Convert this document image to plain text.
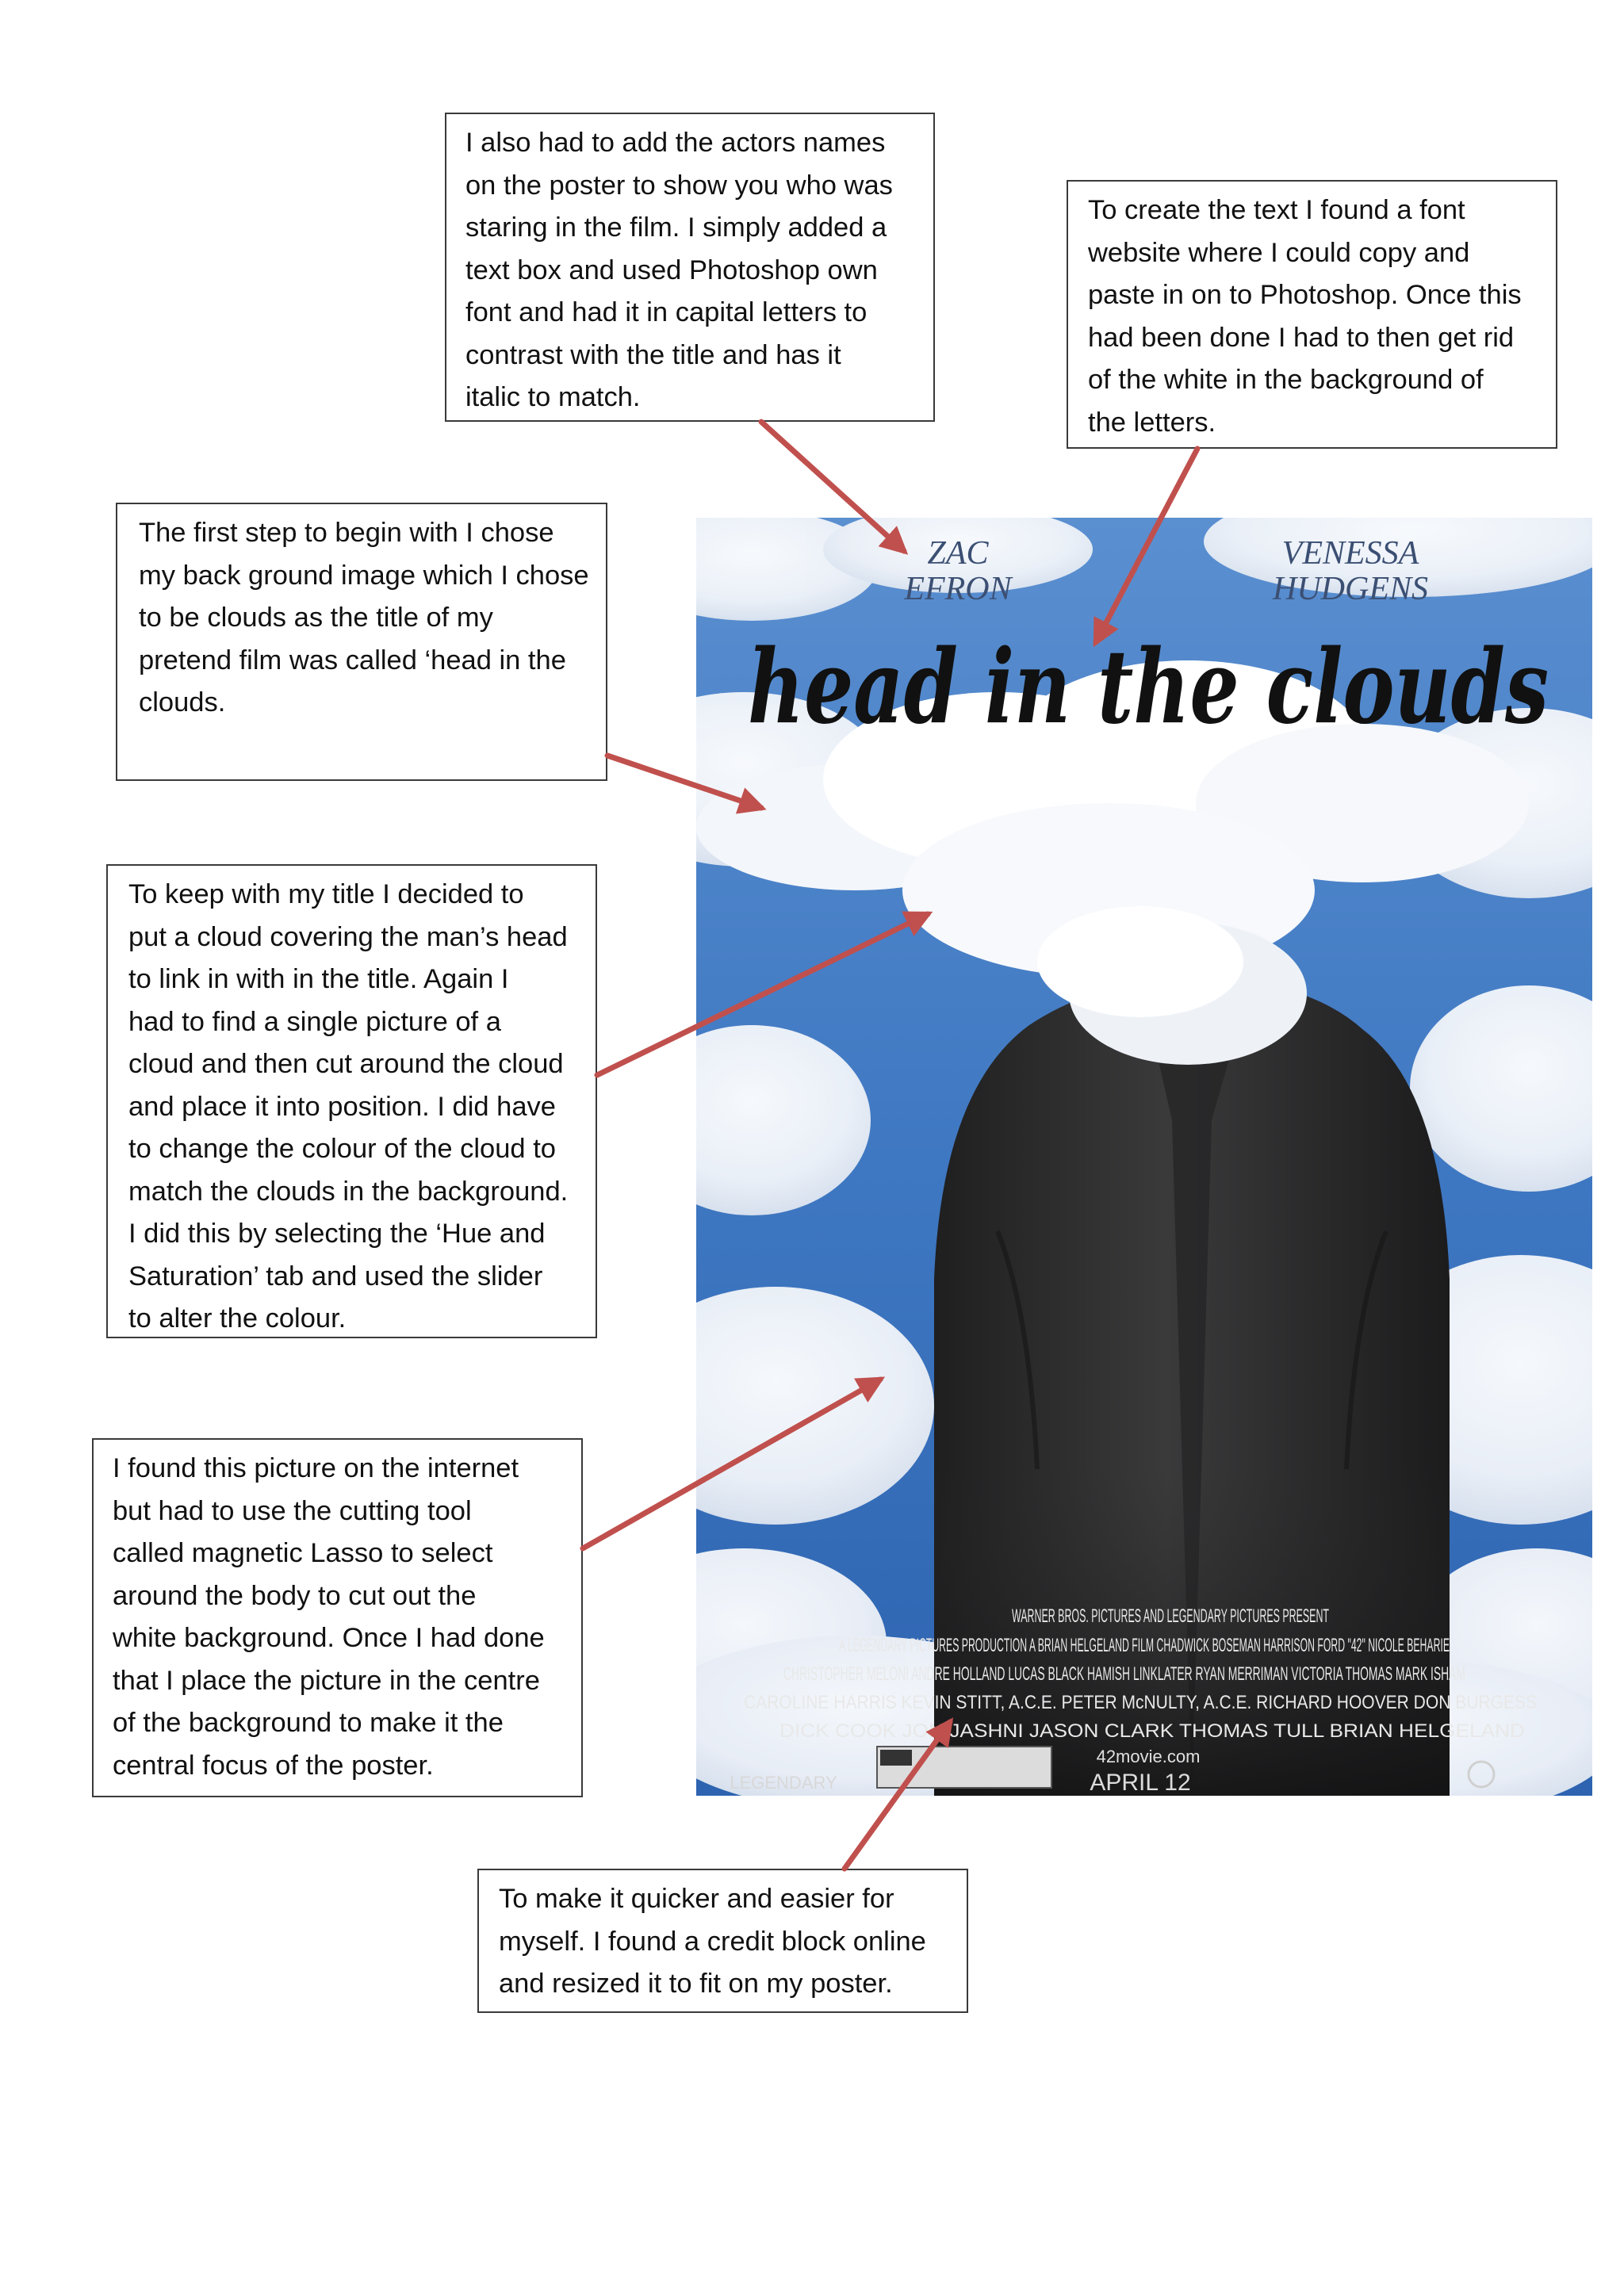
I also had to add the actors names
on the poster to show you who was
staring in the film. I simply added a
text box and used Photoshop own
font and had it in capital letters to
contrast with the title and has it
italic to match.
To create the text I found a font
website where I could copy and
paste in on to Photoshop. Once this
had been done I had to then get rid
of the white in the background of
the letters.
The first step to begin with I chose
my back ground image which I chose
to be clouds as the title of my
pretend film was called ‘head in the
clouds.
To keep with my title I decided to
put a cloud covering the man’s head
to link in with in the title. Again I
had to find a single picture of a
cloud and then cut around the cloud
and place it into position. I did have
to change the colour of the cloud to
match the clouds in the background.
I did this by selecting the ‘Hue and
Saturation’ tab and used the slider
to alter the colour.
I found this picture on the internet
but had to use the cutting tool
called magnetic Lasso to select
around the body to cut out the
white background. Once I had done
that I place the picture in the centre
of the background to make it the
central focus of the poster.
To make it quicker and easier for
myself. I found a credit block online
and resized it to fit on my poster.
ZAC
EFRON
VENESSA
HUDGENS
head in the clouds
WARNER BROS. PICTURES AND LEGENDARY PICTURES PRESENT
A LEGENDARY PICTURES PRODUCTION A BRIAN HELGELAND FILM CHADWICK BOSEMAN HARRISON FORD "42" NICOLE BEHARIE
CHRISTOPHER MELONI ANDRE HOLLAND LUCAS BLACK HAMISH LINKLATER RYAN MERRIMAN VICTORIA THOMAS MARK ISHAM
CAROLINE HARRIS KEVIN STITT, A.C.E. PETER McNULTY, A.C.E. RICHARD HOOVER DON BURGESS
DICK COOK JON JASHNI JASON CLARK THOMAS TULL BRIAN HELGELAND
42movie.com
APRIL 12
LEGENDARY
